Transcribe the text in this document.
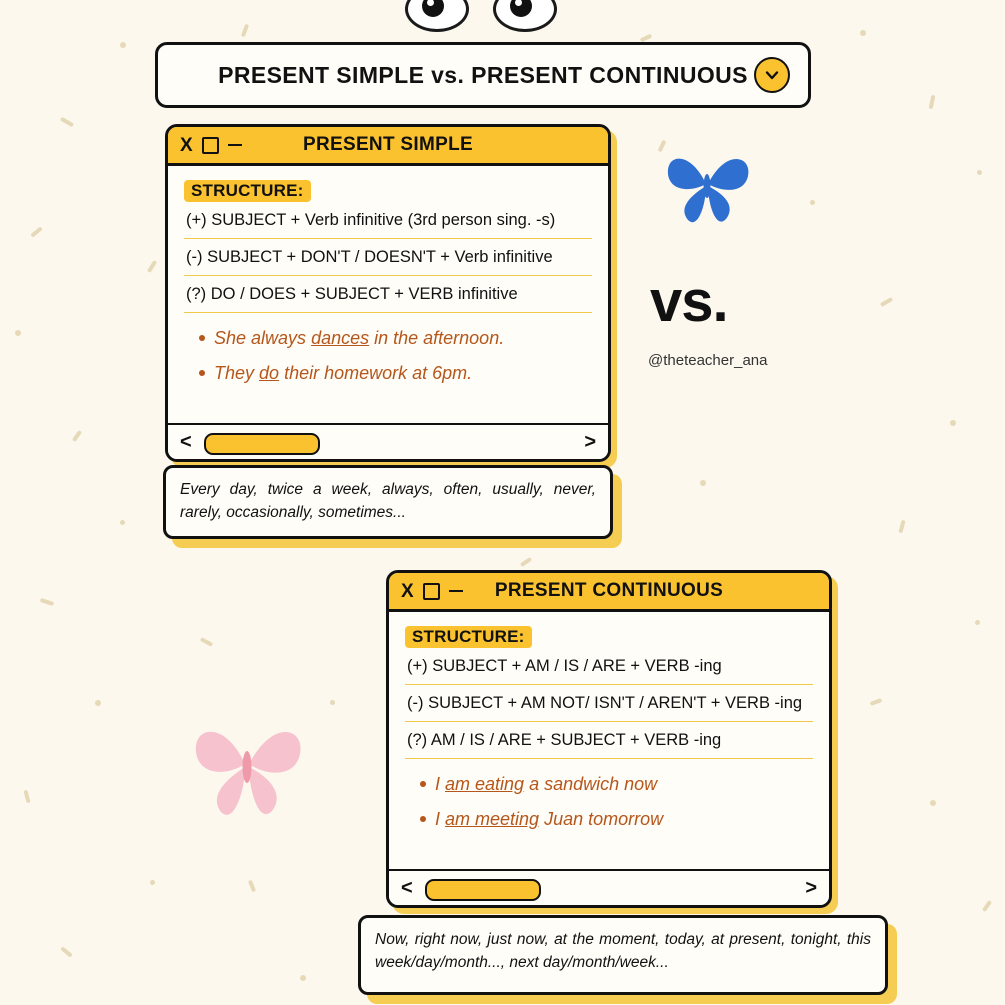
PRESENT SIMPLE vs. PRESENT CONTINUOUS
vs.
@theteacher_ana
X	PRESENT SIMPLE
STRUCTURE:
(+) SUBJECT + Verb infinitive (3rd person sing. -s)
(-) SUBJECT + DON'T / DOESN'T + Verb infinitive
(?) DO / DOES + SUBJECT + VERB infinitive
She always dances in the afternoon.
They do their homework at 6pm.
<	>

Every day, twice a week, always, often, usually, never, rarely, occasionally, sometimes...

X	PRESENT CONTINUOUS
STRUCTURE:
(+) SUBJECT + AM / IS / ARE + VERB -ing
(-) SUBJECT + AM NOT/ ISN'T / AREN'T + VERB -ing
(?) AM / IS / ARE + SUBJECT + VERB -ing
I am eating a sandwich now
I am meeting Juan tomorrow
<	>

Now, right now, just now, at the moment, today, at present, tonight, this week/day/month..., next day/month/week...
